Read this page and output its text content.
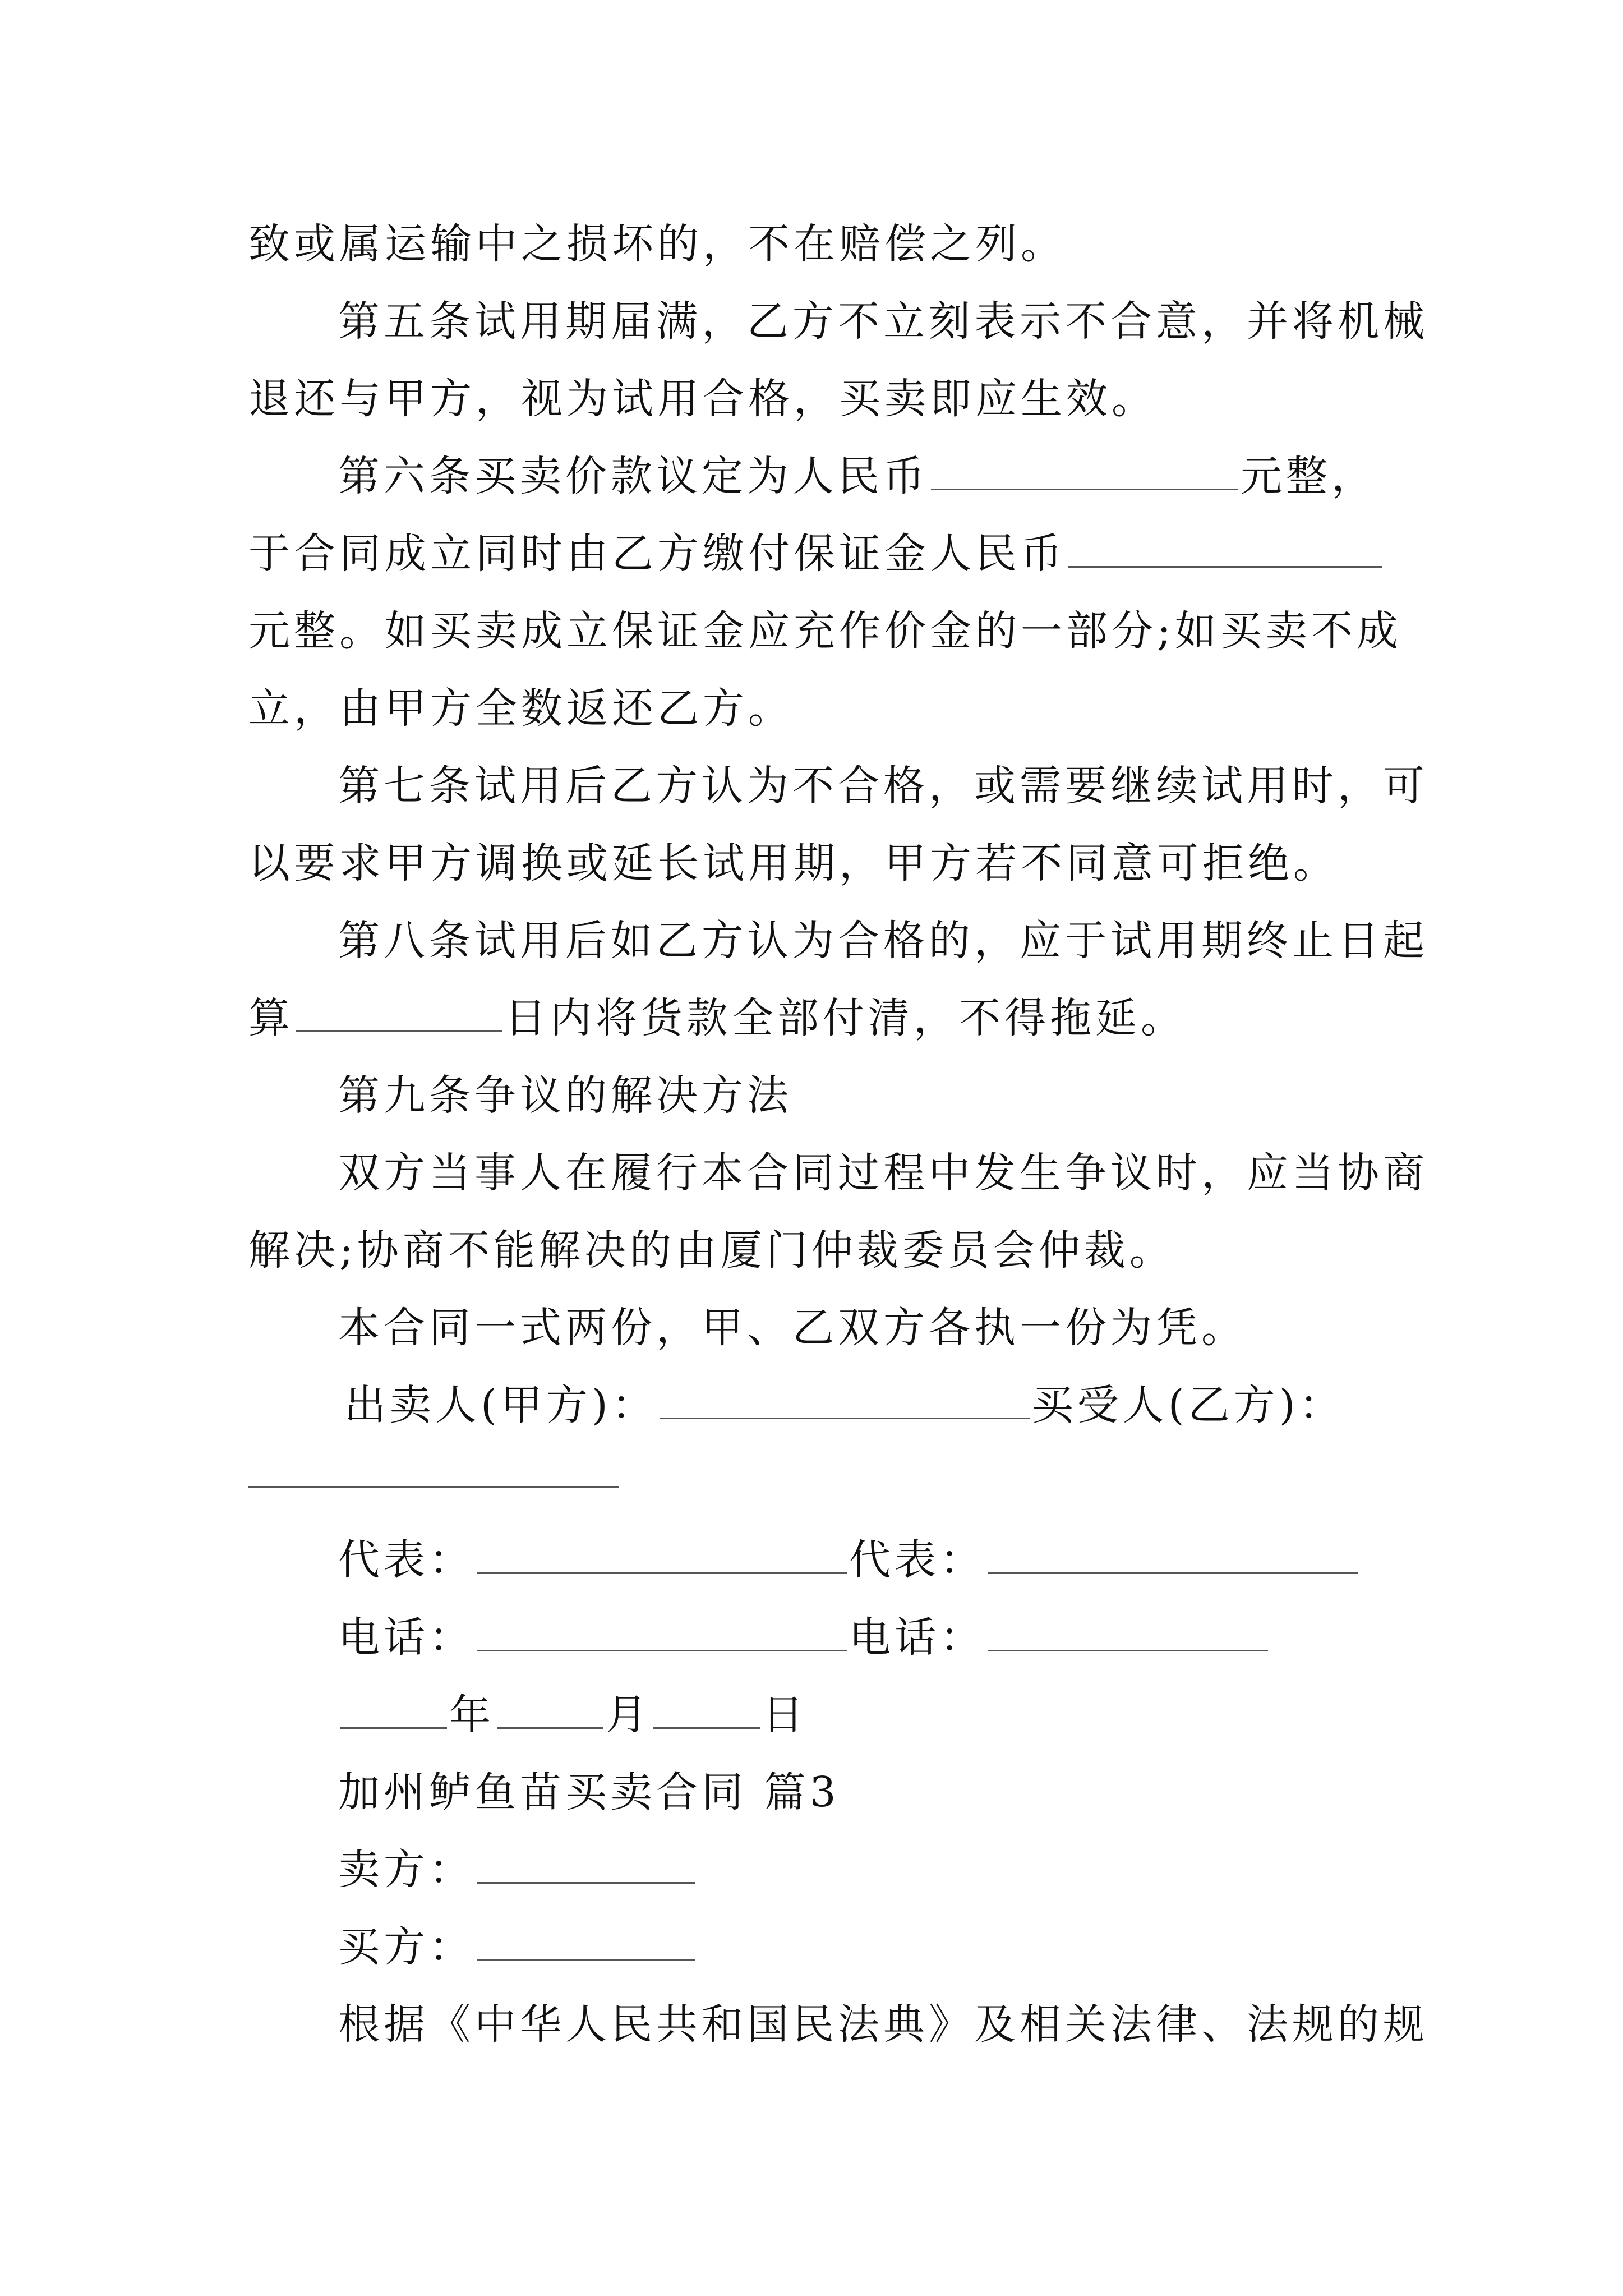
致或属运输中之损坏的，不在赔偿之列。
第五条试用期届满，乙方不立刻表示不合意，并将机械
退还与甲方，视为试用合格，买卖即应生效。
第六条买卖价款议定为人民币	元整，
于合同成立同时由乙方缴付保证金人民币
元整。如买卖成立保证金应充作价金的一部分;如买卖不成
立，由甲方全数返还乙方。
第七条试用后乙方认为不合格，或需要继续试用时，可
以要求甲方调换或延长试用期，甲方若不同意可拒绝。
第八条试用后如乙方认为合格的，应于试用期终止日起
算	日内将货款全部付清，不得拖延。
第九条争议的解决方法
双方当事人在履行本合同过程中发生争议时，应当协商
解决;协商不能解决的由厦门仲裁委员会仲裁。
本合同一式两份，甲、乙双方各执一份为凭。
出卖人(甲方)：	买受人(乙方)：
代表：	代表：
电话：	电话：
年	月	日
加州鲈鱼苗买卖合同 篇3
卖方：
买方：
根据《中华人民共和国民法典》及相关法律、法规的规
